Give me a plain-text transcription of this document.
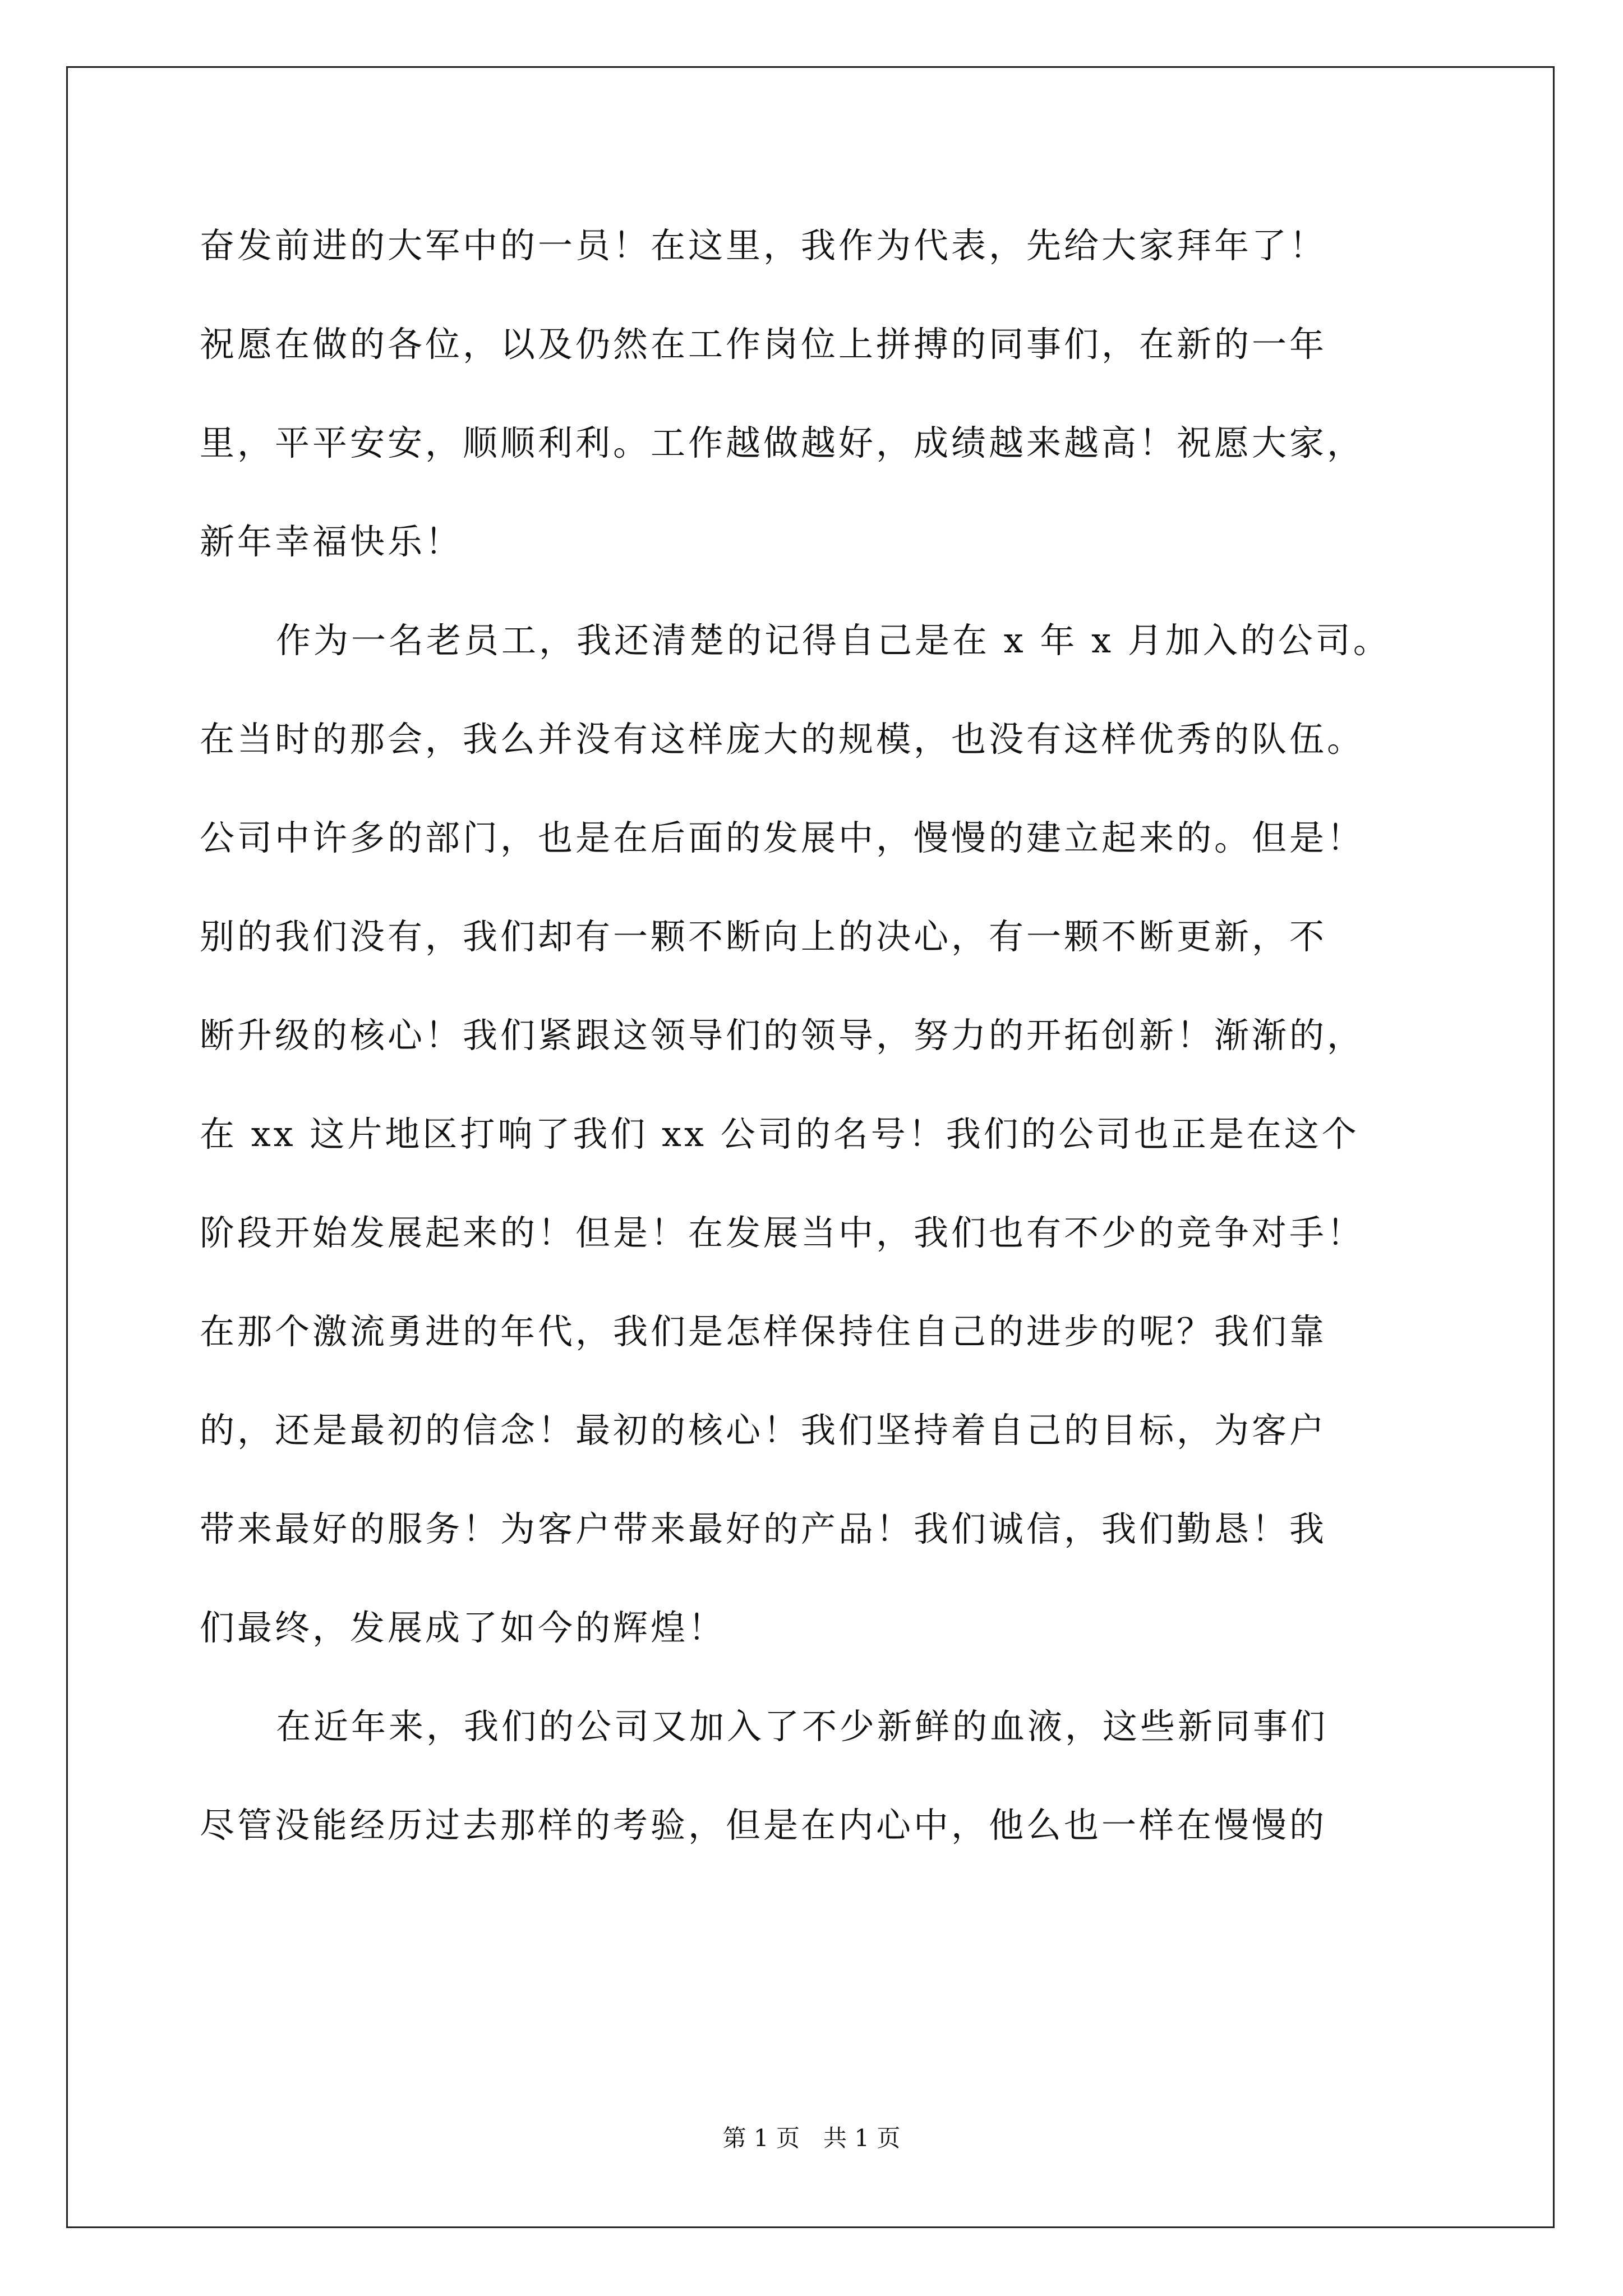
奋发前进的大军中的一员！在这里，我作为代表，先给大家拜年了！
祝愿在做的各位，以及仍然在工作岗位上拼搏的同事们，在新的一年
里，平平安安，顺顺利利。工作越做越好，成绩越来越高！祝愿大家，
新年幸福快乐！

作为一名老员工，我还清楚的记得自己是在 x 年 x 月加入的公司。
在当时的那会，我么并没有这样庞大的规模，也没有这样优秀的队伍。
公司中许多的部门，也是在后面的发展中，慢慢的建立起来的。但是！
别的我们没有，我们却有一颗不断向上的决心，有一颗不断更新，不
断升级的核心！我们紧跟这领导们的领导，努力的开拓创新！渐渐的，
在 xx 这片地区打响了我们 xx 公司的名号！我们的公司也正是在这个
阶段开始发展起来的！但是！在发展当中，我们也有不少的竞争对手！
在那个激流勇进的年代，我们是怎样保持住自己的进步的呢？我们靠
的，还是最初的信念！最初的核心！我们坚持着自己的目标，为客户
带来最好的服务！为客户带来最好的产品！我们诚信，我们勤恳！我
们最终，发展成了如今的辉煌！

在近年来，我们的公司又加入了不少新鲜的血液，这些新同事们
尽管没能经历过去那样的考验，但是在内心中，他么也一样在慢慢的

第 1 页 共 1 页
